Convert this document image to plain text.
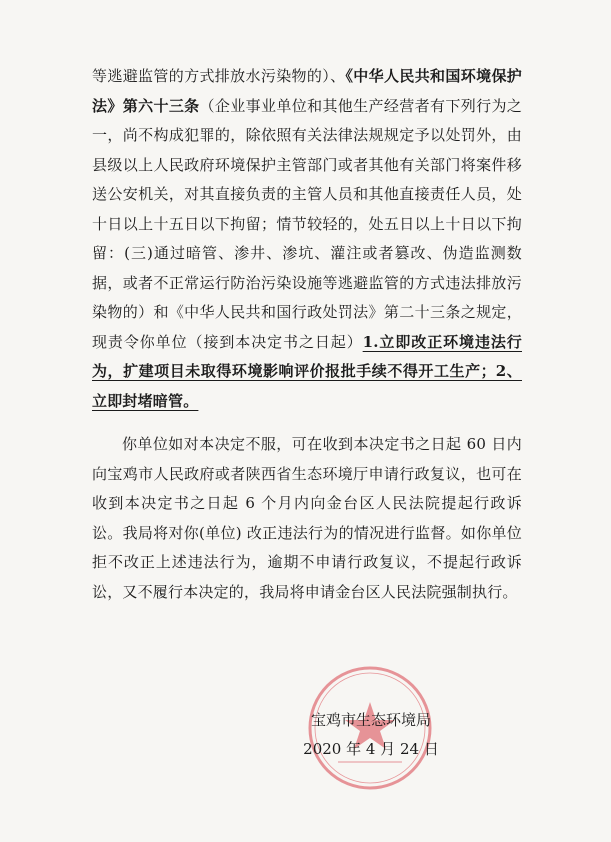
等逃避监管的方式排放水污染物的）、《中华人民共和国环境保护法》第六十三条（企业事业单位和其他生产经营者有下列行为之一，尚不构成犯罪的，除依照有关法律法规规定予以处罚外，由县级以上人民政府环境保护主管部门或者其他有关部门将案件移送公安机关，对其直接负责的主管人员和其他直接责任人员，处十日以上十五日以下拘留；情节较轻的，处五日以上十日以下拘留：(三)通过暗管、渗井、渗坑、灌注或者篡改、伪造监测数据，或者不正常运行防治污染设施等逃避监管的方式违法排放污染物的）和《中华人民共和国行政处罚法》第二十三条之规定，现责令你单位（接到本决定书之日起）1.立即改正环境违法行为，扩建项目未取得环境影响评价报批手续不得开工生产；2、立即封堵暗管。

你单位如对本决定不服，可在收到本决定书之日起 60 日内向宝鸡市人民政府或者陕西省生态环境厅申请行政复议，也可在收到本决定书之日起 6 个月内向金台区人民法院提起行政诉讼。我局将对你(单位) 改正违法行为的情况进行监督。如你单位拒不改正上述违法行为，逾期不申请行政复议，不提起行政诉讼，又不履行本决定的，我局将申请金台区人民法院强制执行。

宝鸡市生态环境局
2020 年 4 月 24 日
